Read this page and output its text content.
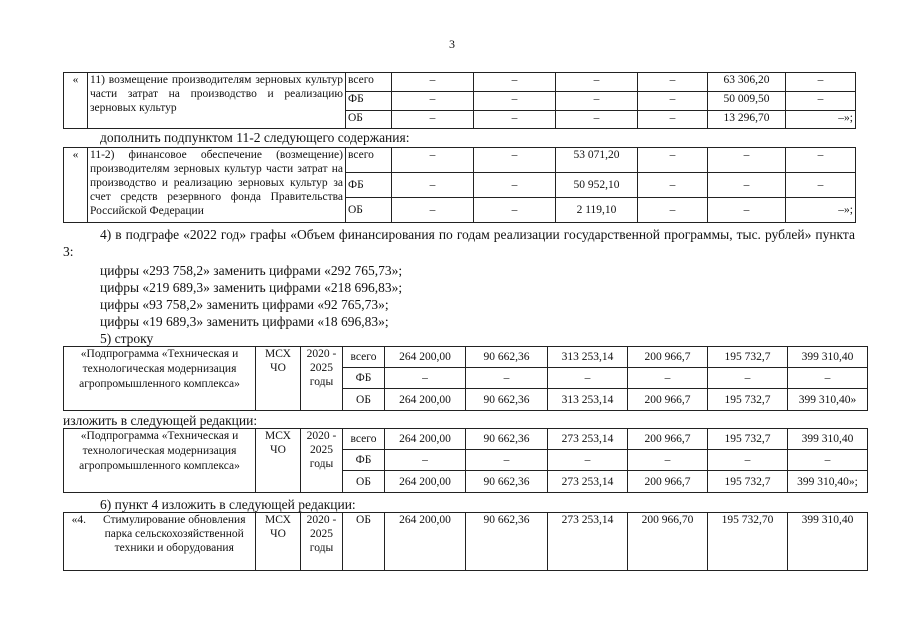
3
«	11) возмещение производителям зерновых культур части затрат на производство и реализацию зерновых культур	всего	–	–	–	–	63 306,20	–
		ФБ	–	–	–	–	50 009,50	–
		ОБ	–	–	–	–	13 296,70	–»;
дополнить подпунктом 11-2 следующего содержания:
«	11-2) финансовое обеспечение (возмещение) производителям зерновых культур части затрат на производство и реализацию зерновых культур за счет средств резервного фонда Правительства Российской Федерации	всего	–	–	53 071,20	–	–	–
		ФБ	–	–	50 952,10	–	–	–
		ОБ	–	–	2 119,10	–	–	–»;
4) в подграфе «2022 год» графы «Объем финансирования по годам реализации государственной программы, тыс. рублей» пункта 3:
цифры «293 758,2» заменить цифрами «292 765,73»;
цифры «219 689,3» заменить цифрами «218 696,83»;
цифры «93 758,2» заменить цифрами «92 765,73»;
цифры «19 689,3» заменить цифрами «18 696,83»;
5) строку
«Подпрограмма «Техническая и технологическая модернизация агропромышленного комплекса»	МСХ ЧО	2020 - 2025 годы	всего	264 200,00	90 662,36	313 253,14	200 966,7	195 732,7	399 310,40
			ФБ	–	–	–	–	–	–
			ОБ	264 200,00	90 662,36	313 253,14	200 966,7	195 732,7	399 310,40»
изложить в следующей редакции:
«Подпрограмма «Техническая и технологическая модернизация агропромышленного комплекса»	МСХ ЧО	2020 - 2025 годы	всего	264 200,00	90 662,36	273 253,14	200 966,7	195 732,7	399 310,40
			ФБ	–	–	–	–	–	–
			ОБ	264 200,00	90 662,36	273 253,14	200 966,7	195 732,7	399 310,40»;
6) пункт 4 изложить в следующей редакции:
«4.	Стимулирование обновления парка сельскохозяйственной техники и оборудования	МСХ ЧО	2020 - 2025 годы	ОБ	264 200,00	90 662,36	273 253,14	200 966,70	195 732,70	399 310,40
